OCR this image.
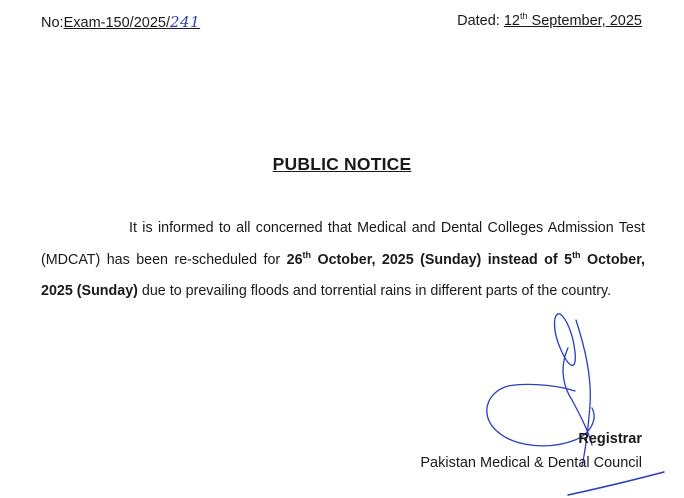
No:Exam-150/2025/241	Dated: 12th September, 2025
PUBLIC NOTICE
It is informed to all concerned that Medical and Dental Colleges Admission Test (MDCAT) has been re-scheduled for 26th October, 2025 (Sunday) instead of 5th October, 2025 (Sunday) due to prevailing floods and torrential rains in different parts of the country.
Registrar
Pakistan Medical & Dental Council
